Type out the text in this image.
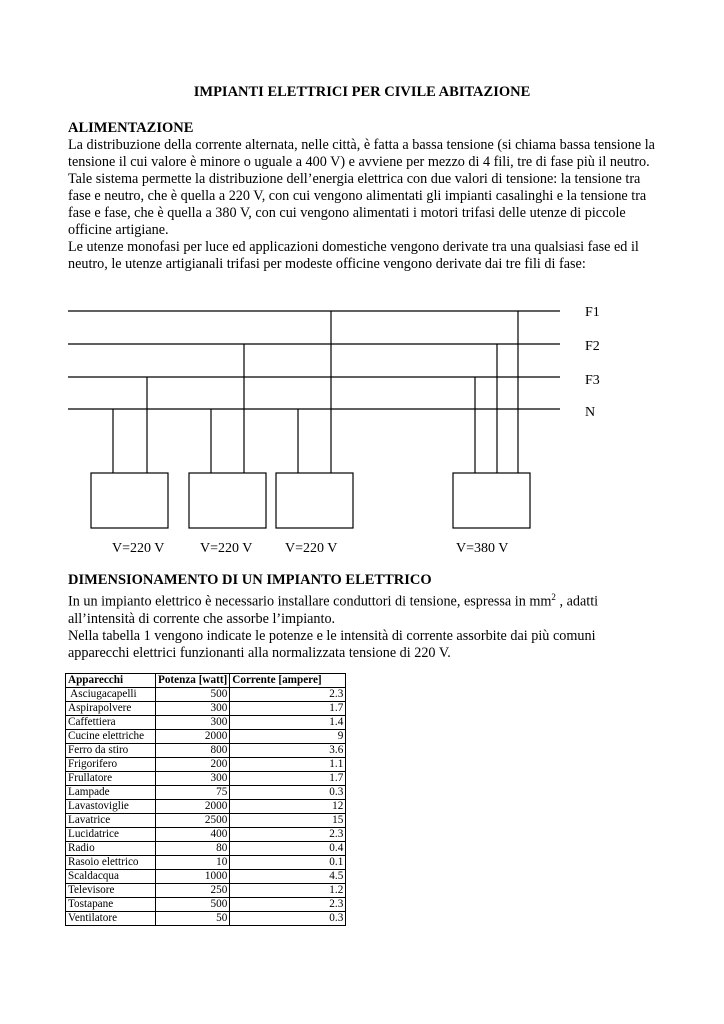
IMPIANTI ELETTRICI PER CIVILE ABITAZIONE
ALIMENTAZIONE

La distribuzione della corrente alternata, nelle città, è fatta a bassa tensione (si chiama bassa tensione la tensione il cui valore è minore o uguale a 400 V) e avviene per mezzo di 4 fili, tre di fase più il neutro.

Tale sistema permette la distribuzione dell’energia elettrica con due valori di tensione: la tensione tra fase e neutro, che è quella a 220 V, con cui vengono alimentati gli impianti casalinghi e la tensione tra fase e fase, che è quella a 380 V, con cui vengono alimentati i motori trifasi delle utenze di piccole officine artigiane.

Le utenze monofasi per luce ed applicazioni domestiche vengono derivate tra una qualsiasi fase ed il neutro, le utenze artigianali trifasi per modeste officine vengono derivate dai tre fili di fase:

F1
F2
F3
N
V=220 V	V=220 V V=220 V	V=380 V
DIMENSIONAMENTO DI UN IMPIANTO ELETTRICO

In un impianto elettrico è necessario installare conduttori di tensione, espressa in $mm^2$ , adatti all’intensità di corrente che assorbe l’impianto.

Nella tabella 1 vengono indicate le potenze e le intensità di corrente assorbite dai più comuni apparecchi elettrici funzionanti alla normalizzata tensione di 220 V.

Apparecchi	Potenza [watt]	Corrente [ampere]
Asciugacapelli	500	2.3
Aspirapolvere	300	1.7
Caffettiera	300	1.4
Cucine elettriche	2000	9
Ferro da stiro	800	3.6
Frigorifero	200	1.1
Frullatore	300	1.7
Lampade	75	0.3
Lavastoviglie	2000	12
Lavatrice	2500	15
Lucidatrice	400	2.3
Radio	80	0.4
Rasoio elettrico	10	0.1
Scaldacqua	1000	4.5
Televisore	250	1.2
Tostapane	500	2.3
Ventilatore	50	0.3
